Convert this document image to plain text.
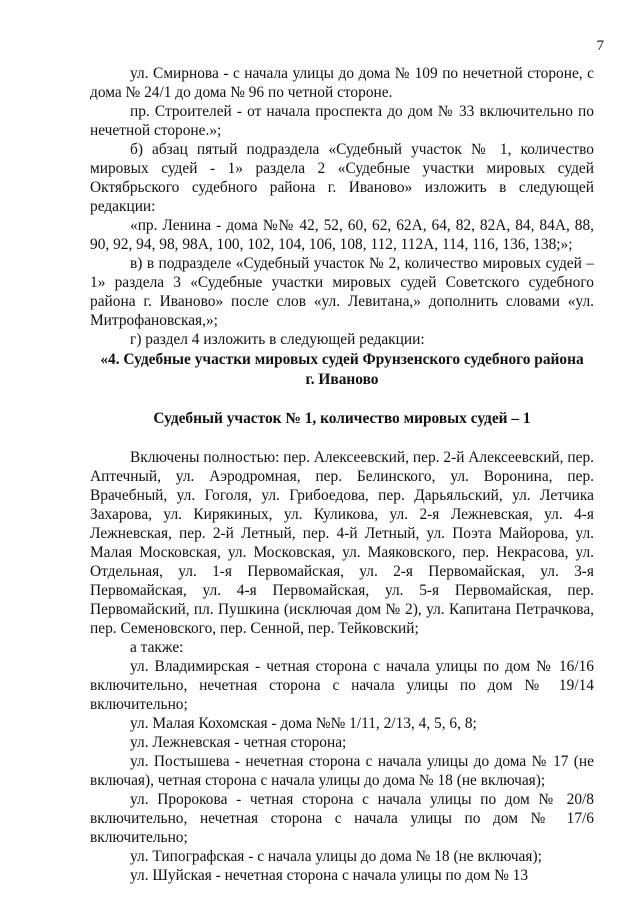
7

ул. Смирнова - с начала улицы до дома № 109 по нечетной стороне, с дома № 24/1 до дома № 96 по четной стороне.

пр. Строителей - от начала проспекта до дом № 33 включительно по нечетной стороне.»;

б) абзац пятый подраздела «Судебный участок № 1, количество мировых судей - 1» раздела 2 «Судебные участки мировых судей Октябрьского судебного района г. Иваново» изложить в следующей редакции:

«пр. Ленина - дома №№ 42, 52, 60, 62, 62А, 64, 82, 82А, 84, 84А, 88, 90, 92, 94, 98, 98А, 100, 102, 104, 106, 108, 112, 112А, 114, 116, 136, 138;»;

в) в подразделе «Судебный участок № 2, количество мировых судей – 1» раздела 3 «Судебные участки мировых судей Советского судебного района г. Иваново» после слов «ул. Левитана,» дополнить словами «ул. Митрофановская,»;

г) раздел 4 изложить в следующей редакции:

«4. Судебные участки мировых судей Фрунзенского судебного района
г. Иваново
Судебный участок № 1, количество мировых судей – 1

Включены полностью: пер. Алексеевский, пер. 2-й Алексеевский, пер. Аптечный, ул. Аэродромная, пер. Белинского, ул. Воронина, пер. Врачебный, ул. Гоголя, ул. Грибоедова, пер. Дарьяльский, ул. Летчика Захарова, ул. Кирякиных, ул. Куликова, ул. 2-я Лежневская, ул. 4-я Лежневская, пер. 2-й Летный, пер. 4-й Летный, ул. Поэта Майорова, ул. Малая Московская, ул. Московская, ул. Маяковского, пер. Некрасова, ул. Отдельная, ул. 1-я Первомайская, ул. 2-я Первомайская, ул. 3-я Первомайская, ул. 4-я Первомайская, ул. 5-я Первомайская, пер. Первомайский, пл. Пушкина (исключая дом № 2), ул. Капитана Петрачкова, пер. Семеновского, пер. Сенной, пер. Тейковский;

а также:

ул. Владимирская - четная сторона с начала улицы по дом № 16/16 включительно, нечетная сторона с начала улицы по дом № 19/14 включительно;

ул. Малая Кохомская - дома №№ 1/11, 2/13, 4, 5, 6, 8;

ул. Лежневская - четная сторона;

ул. Постышева - нечетная сторона с начала улицы до дома № 17 (не включая), четная сторона с начала улицы до дома № 18 (не включая);

ул. Пророкова - четная сторона с начала улицы по дом № 20/8 включительно, нечетная сторона с начала улицы по дом № 17/6 включительно;

ул. Типографская - с начала улицы до дома № 18 (не включая);

ул. Шуйская - нечетная сторона с начала улицы по дом № 13
